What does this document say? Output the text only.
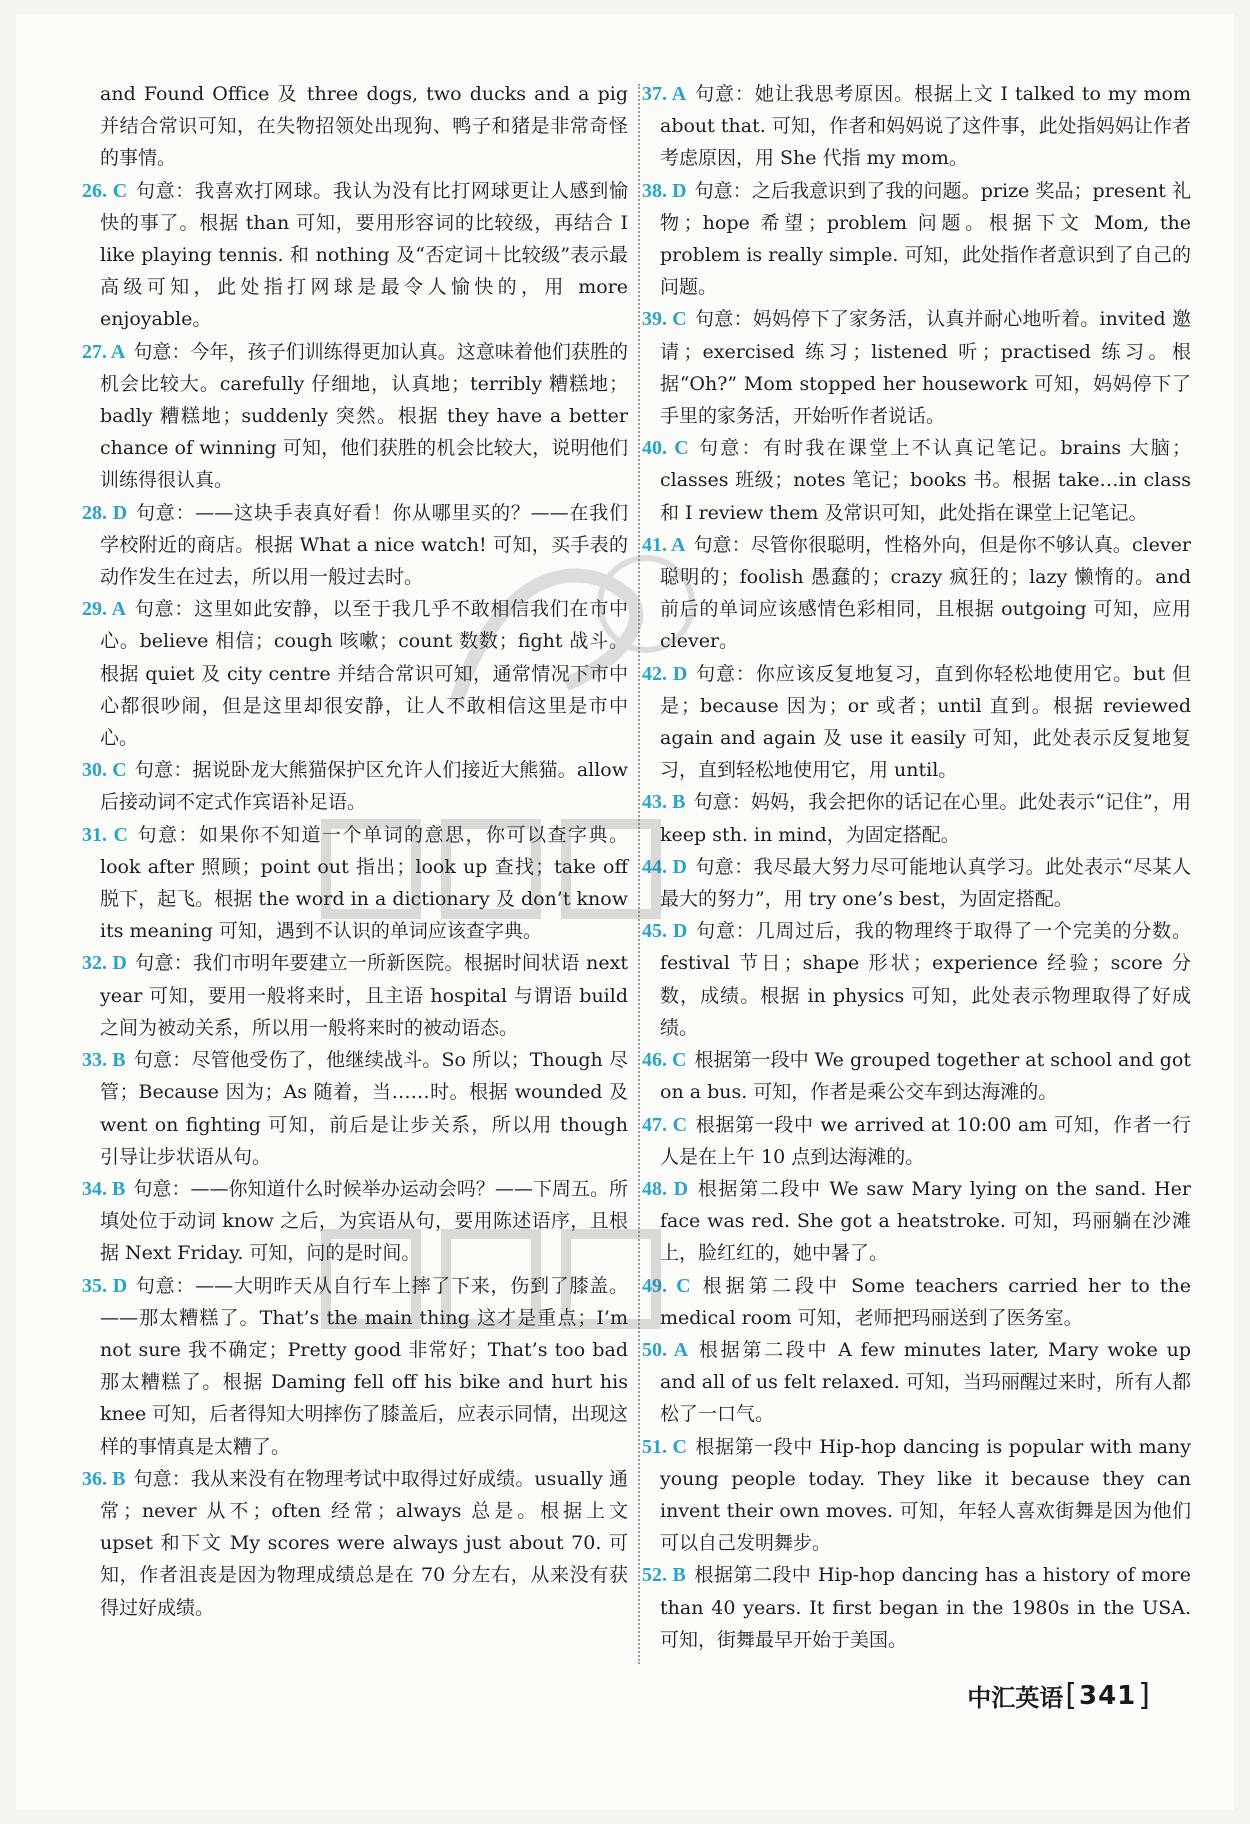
and Found Office 及 three dogs, two ducks and a pig 并结合常识可知，在失物招领处出现狗、鸭子和猪是非常奇怪的事情。

26. C 句意：我喜欢打网球。我认为没有比打网球更让人感到愉快的事了。根据 than 可知，要用形容词的比较级，再结合 I like playing tennis. 和 nothing 及“否定词＋比较级”表示最高级可知，此处指打网球是最令人愉快的，用 more enjoyable。

27. A 句意：今年，孩子们训练得更加认真。这意味着他们获胜的机会比较大。carefully 仔细地，认真地；terribly 糟糕地；badly 糟糕地；suddenly 突然。根据 they have a better chance of winning 可知，他们获胜的机会比较大，说明他们训练得很认真。

28. D 句意：——这块手表真好看！你从哪里买的？——在我们学校附近的商店。根据 What a nice watch! 可知，买手表的动作发生在过去，所以用一般过去时。

29. A 句意：这里如此安静，以至于我几乎不敢相信我们在市中心。believe 相信；cough 咳嗽；count 数数；fight 战斗。根据 quiet 及 city centre 并结合常识可知，通常情况下市中心都很吵闹，但是这里却很安静，让人不敢相信这里是市中心。

30. C 句意：据说卧龙大熊猫保护区允许人们接近大熊猫。allow 后接动词不定式作宾语补足语。

31. C 句意：如果你不知道一个单词的意思，你可以查字典。look after 照顾；point out 指出；look up 查找；take off 脱下，起飞。根据 the word in a dictionary 及 don’t know its meaning 可知，遇到不认识的单词应该查字典。

32. D 句意：我们市明年要建立一所新医院。根据时间状语 next year 可知，要用一般将来时，且主语 hospital 与谓语 build 之间为被动关系，所以用一般将来时的被动语态。

33. B 句意：尽管他受伤了，他继续战斗。So 所以；Though 尽管；Because 因为；As 随着，当……时。根据 wounded 及 went on fighting 可知，前后是让步关系，所以用 though 引导让步状语从句。

34. B 句意：——你知道什么时候举办运动会吗？——下周五。所填处位于动词 know 之后，为宾语从句，要用陈述语序，且根据 Next Friday. 可知，问的是时间。

35. D 句意：——大明昨天从自行车上摔了下来，伤到了膝盖。——那太糟糕了。That’s the main thing 这才是重点；I’m not sure 我不确定；Pretty good 非常好；That’s too bad 那太糟糕了。根据 Daming fell off his bike and hurt his knee 可知，后者得知大明摔伤了膝盖后，应表示同情，出现这样的事情真是太糟了。

36. B 句意：我从来没有在物理考试中取得过好成绩。usually 通常；never 从不；often 经常；always 总是。根据上文 upset 和下文 My scores were always just about 70. 可知，作者沮丧是因为物理成绩总是在 70 分左右，从来没有获得过好成绩。

37. A 句意：她让我思考原因。根据上文 I talked to my mom about that. 可知，作者和妈妈说了这件事，此处指妈妈让作者考虑原因，用 She 代指 my mom。

38. D 句意：之后我意识到了我的问题。prize 奖品；present 礼物；hope 希望；problem 问题。根据下文 Mom, the problem is really simple. 可知，此处指作者意识到了自己的问题。

39. C 句意：妈妈停下了家务活，认真并耐心地听着。invited 邀请；exercised 练习；listened 听；practised 练习。根据“Oh?” Mom stopped her housework 可知，妈妈停下了手里的家务活，开始听作者说话。

40. C 句意：有时我在课堂上不认真记笔记。brains 大脑；classes 班级；notes 笔记；books 书。根据 take…in class 和 I review them 及常识可知，此处指在课堂上记笔记。

41. A 句意：尽管你很聪明，性格外向，但是你不够认真。clever 聪明的；foolish 愚蠢的；crazy 疯狂的；lazy 懒惰的。and 前后的单词应该感情色彩相同，且根据 outgoing 可知，应用 clever。

42. D 句意：你应该反复地复习，直到你轻松地使用它。but 但是；because 因为；or 或者；until 直到。根据 reviewed again and again 及 use it easily 可知，此处表示反复地复习，直到轻松地使用它，用 until。

43. B 句意：妈妈，我会把你的话记在心里。此处表示“记住”，用 keep sth. in mind，为固定搭配。

44. D 句意：我尽最大努力尽可能地认真学习。此处表示“尽某人最大的努力”，用 try one’s best，为固定搭配。

45. D 句意：几周过后，我的物理终于取得了一个完美的分数。festival 节日；shape 形状；experience 经验；score 分数，成绩。根据 in physics 可知，此处表示物理取得了好成绩。

46. C 根据第一段中 We grouped together at school and got on a bus. 可知，作者是乘公交车到达海滩的。

47. C 根据第一段中 we arrived at 10:00 am 可知，作者一行人是在上午 10 点到达海滩的。

48. D 根据第二段中 We saw Mary lying on the sand. Her face was red. She got a heatstroke. 可知，玛丽躺在沙滩上，脸红红的，她中暑了。

49. C 根据第二段中 Some teachers carried her to the medical room 可知，老师把玛丽送到了医务室。

50. A 根据第二段中 A few minutes later, Mary woke up and all of us felt relaxed. 可知，当玛丽醒过来时，所有人都松了一口气。

51. C 根据第一段中 Hip-hop dancing is popular with many young people today. They like it because they can invent their own moves. 可知，年轻人喜欢街舞是因为他们可以自己发明舞步。

52. B 根据第二段中 Hip-hop dancing has a history of more than 40 years. It first began in the 1980s in the USA. 可知，街舞最早开始于美国。

中汇英语 [ 341 ]
